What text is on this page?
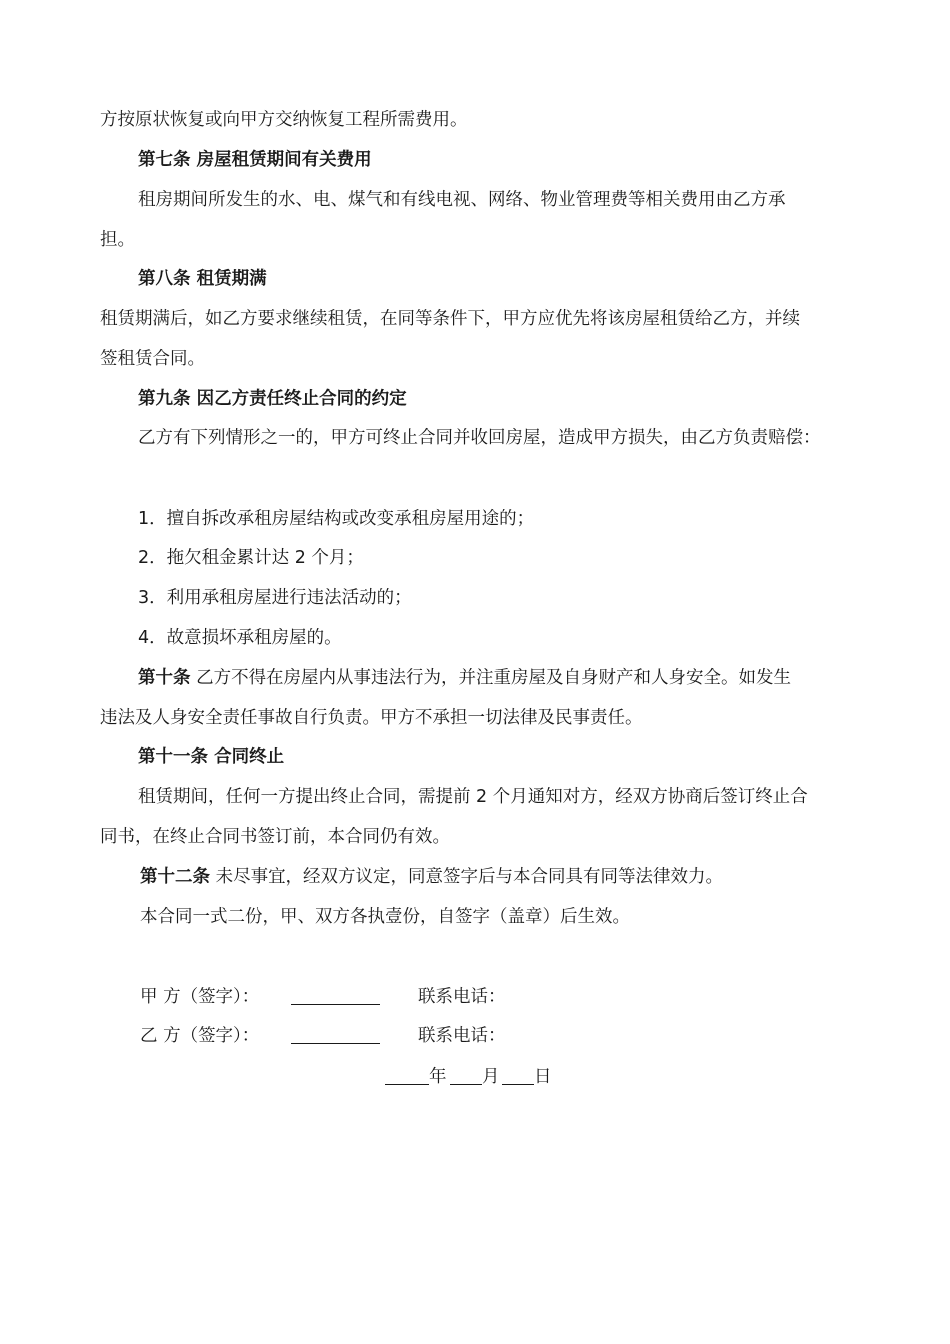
方按原状恢复或向甲方交纳恢复工程所需费用。
第七条 房屋租赁期间有关费用
租房期间所发生的水、电、煤气和有线电视、网络、物业管理费等相关费用由乙方承
担。
第八条 租赁期满
租赁期满后，如乙方要求继续租赁，在同等条件下，甲方应优先将该房屋租赁给乙方，并续
签租赁合同。
第九条 因乙方责任终止合同的约定
乙方有下列情形之一的，甲方可终止合同并收回房屋，造成甲方损失，由乙方负责赔偿：
1．擅自拆改承租房屋结构或改变承租房屋用途的；
2．拖欠租金累计达 2 个月；
3．利用承租房屋进行违法活动的；
4．故意损坏承租房屋的。
第十条 乙方不得在房屋内从事违法行为，并注重房屋及自身财产和人身安全。如发生
违法及人身安全责任事故自行负责。甲方不承担一切法律及民事责任。
第十一条 合同终止
租赁期间，任何一方提出终止合同，需提前 2 个月通知对方，经双方协商后签订终止合
同书，在终止合同书签订前，本合同仍有效。
第十二条 未尽事宜，经双方议定，同意签字后与本合同具有同等法律效力。
本合同一式二份，甲、双方各执壹份，自签字（盖章）后生效。
甲 方（签字）：	联系电话：
乙 方（签字）：	联系电话：
年 月 日
